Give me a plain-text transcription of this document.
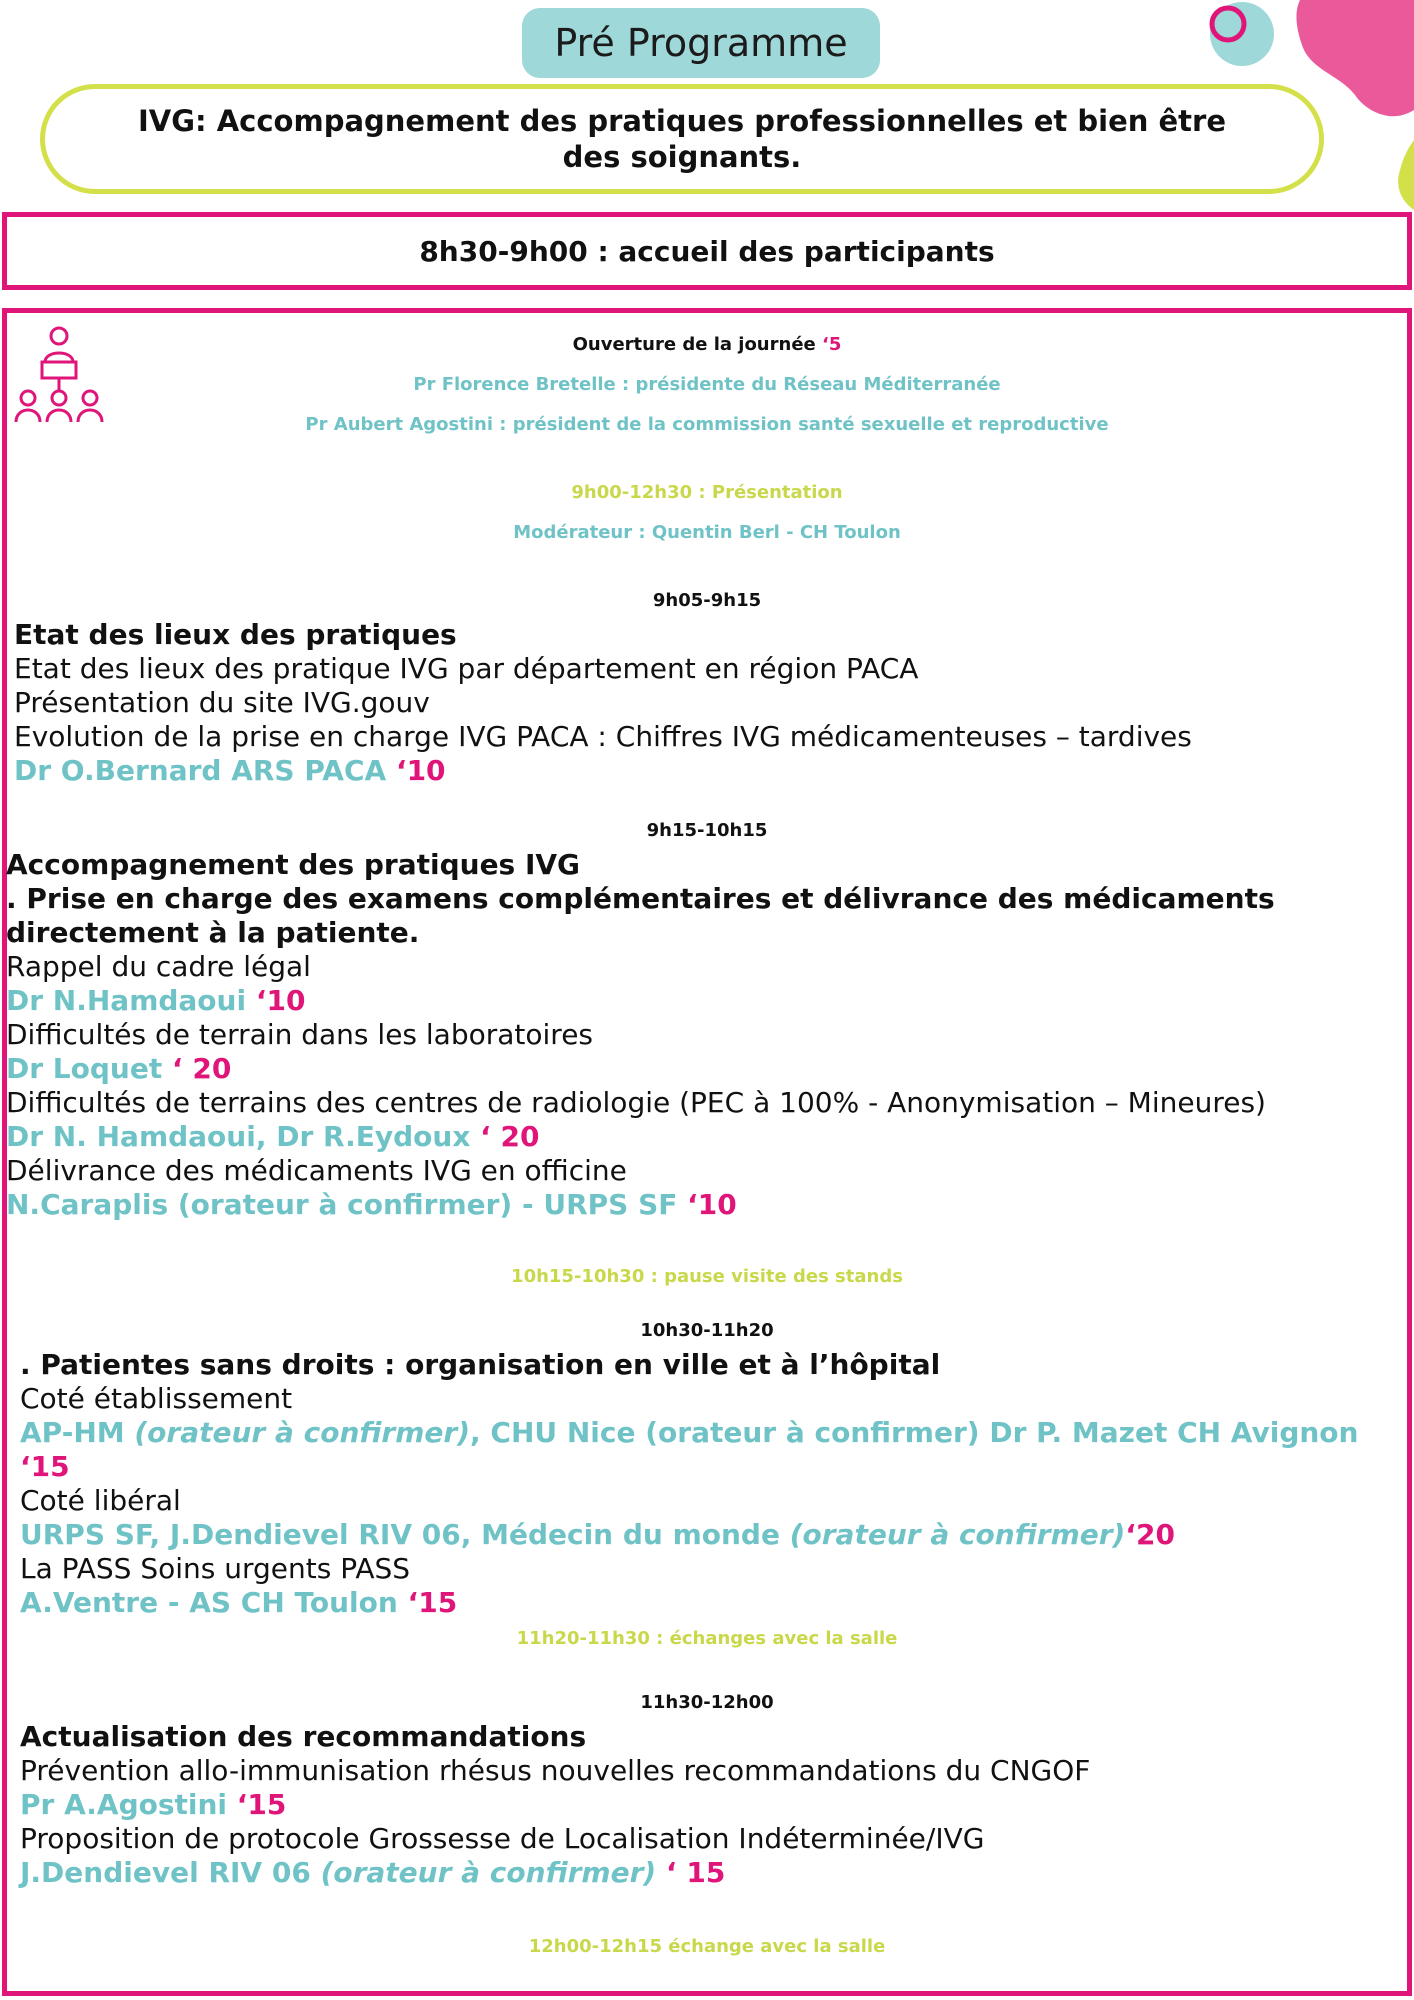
Pré Programme
IVG: Accompagnement des pratiques professionnelles et bien être des soignants.
8h30-9h00 : accueil des participants
Ouverture de la journée ‘5
Pr Florence Bretelle : présidente du Réseau Méditerranée
Pr Aubert Agostini : président de la commission santé sexuelle et reproductive
9h00-12h30 : Présentation
Modérateur : Quentin Berl - CH Toulon
9h05-9h15
Etat des lieux des pratiques
Etat des lieux des pratique IVG par département en région PACA
Présentation du site IVG.gouv
Evolution de la prise en charge IVG PACA : Chiffres IVG médicamenteuses – tardives
Dr O.Bernard ARS PACA ‘10
9h15-10h15
Accompagnement des pratiques IVG
. Prise en charge des examens complémentaires et délivrance des médicaments
directement à la patiente.
Rappel du cadre légal
Dr N.Hamdaoui ‘10
Difficultés de terrain dans les laboratoires
Dr Loquet ‘ 20
Difficultés de terrains des centres de radiologie (PEC à 100% - Anonymisation – Mineures)
Dr N. Hamdaoui, Dr R.Eydoux ‘ 20
Délivrance des médicaments IVG en officine
N.Caraplis (orateur à confirmer) - URPS SF ‘10
10h15-10h30 : pause visite des stands
10h30-11h20
. Patientes sans droits : organisation en ville et à l’hôpital
Coté établissement
AP-HM (orateur à confirmer), CHU Nice (orateur à confirmer) Dr P. Mazet CH Avignon
‘15
Coté libéral
URPS SF, J.Dendievel RIV 06, Médecin du monde (orateur à confirmer)‘20
La PASS Soins urgents PASS
A.Ventre - AS CH Toulon ‘15
11h20-11h30 : échanges avec la salle
11h30-12h00
Actualisation des recommandations
Prévention allo-immunisation rhésus nouvelles recommandations du CNGOF
Pr A.Agostini ‘15
Proposition de protocole Grossesse de Localisation Indéterminée/IVG
J.Dendievel RIV 06 (orateur à confirmer) ‘ 15
12h00-12h15 échange avec la salle
